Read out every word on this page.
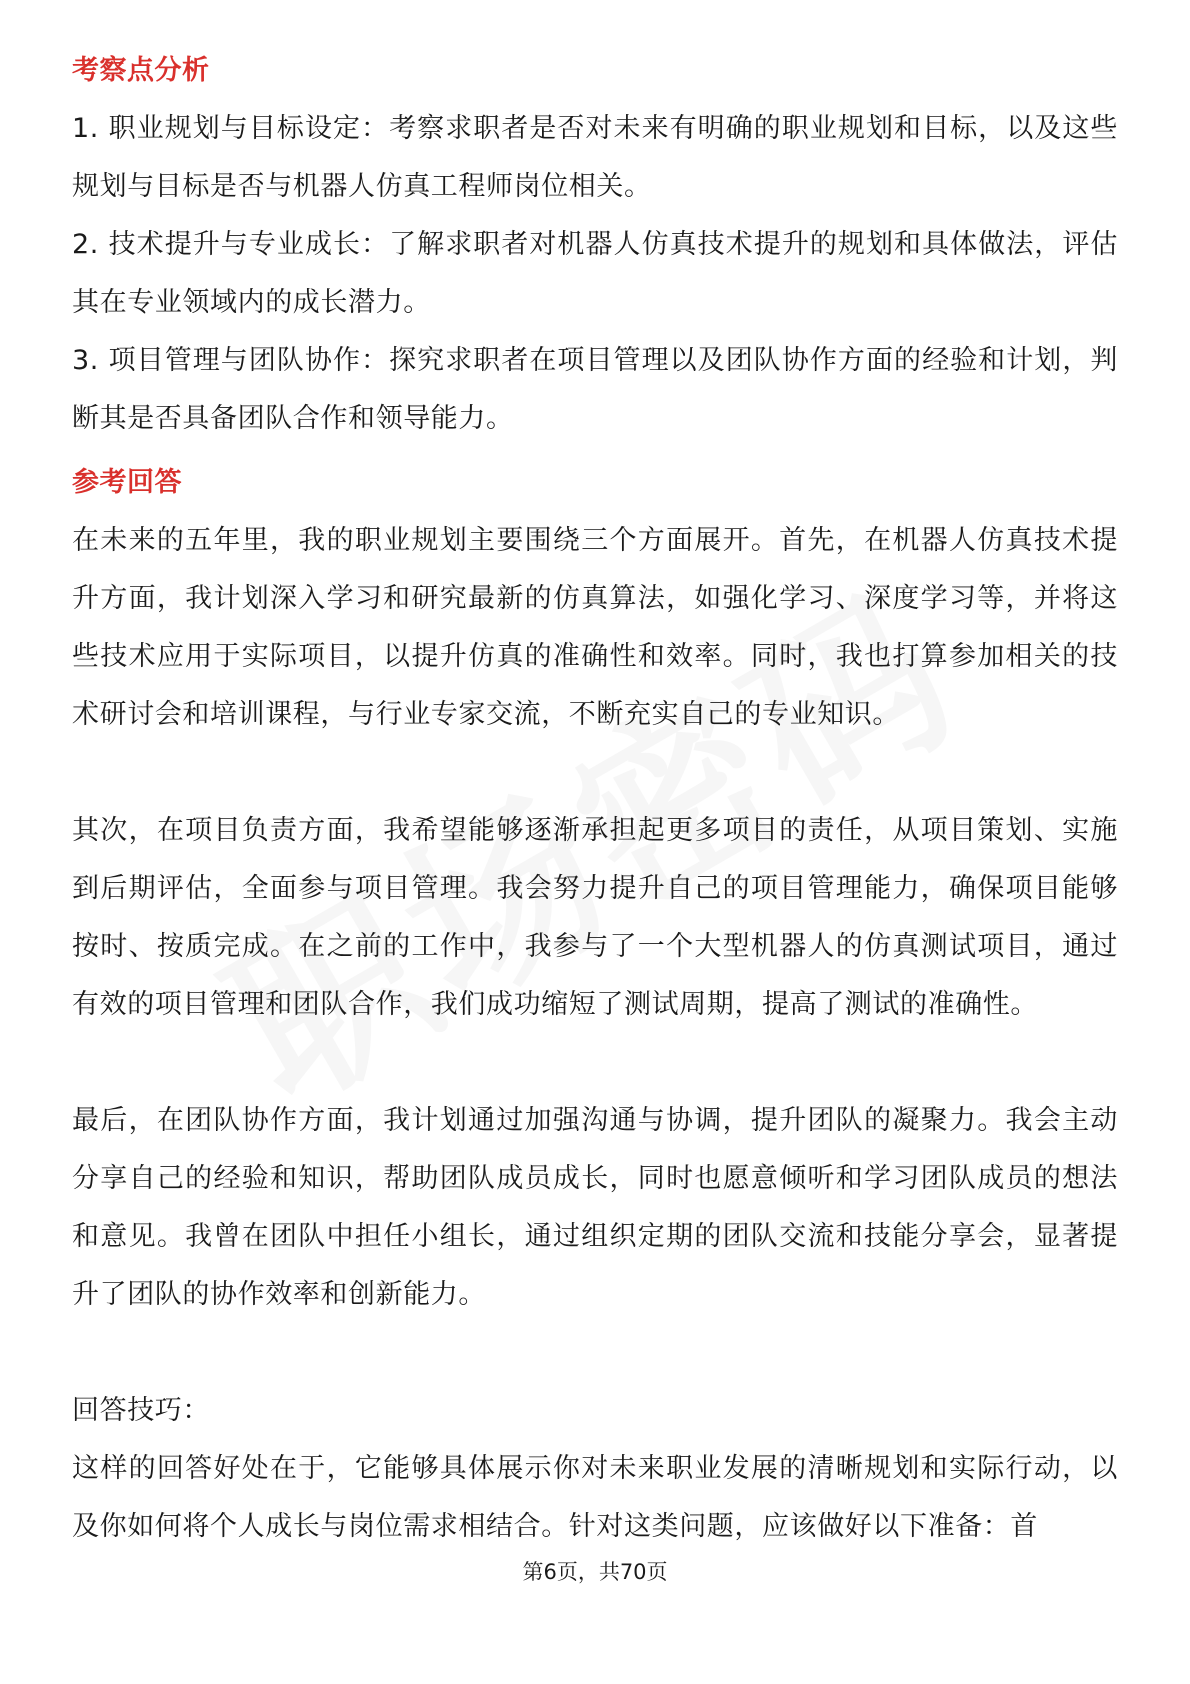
考察点分析

1. 职业规划与目标设定：考察求职者是否对未来有明确的职业规划和目标，以及这些规划与目标是否与机器人仿真工程师岗位相关。

2. 技术提升与专业成长：了解求职者对机器人仿真技术提升的规划和具体做法，评估其在专业领域内的成长潜力。

3. 项目管理与团队协作：探究求职者在项目管理以及团队协作方面的经验和计划，判断其是否具备团队合作和领导能力。

参考回答

在未来的五年里，我的职业规划主要围绕三个方面展开。首先，在机器人仿真技术提升方面，我计划深入学习和研究最新的仿真算法，如强化学习、深度学习等，并将这些技术应用于实际项目，以提升仿真的准确性和效率。同时，我也打算参加相关的技术研讨会和培训课程，与行业专家交流，不断充实自己的专业知识。

其次，在项目负责方面，我希望能够逐渐承担起更多项目的责任，从项目策划、实施到后期评估，全面参与项目管理。我会努力提升自己的项目管理能力，确保项目能够按时、按质完成。在之前的工作中，我参与了一个大型机器人的仿真测试项目，通过有效的项目管理和团队合作，我们成功缩短了测试周期，提高了测试的准确性。

最后，在团队协作方面，我计划通过加强沟通与协调，提升团队的凝聚力。我会主动分享自己的经验和知识，帮助团队成员成长，同时也愿意倾听和学习团队成员的想法和意见。我曾在团队中担任小组长，通过组织定期的团队交流和技能分享会，显著提升了团队的协作效率和创新能力。

回答技巧：

这样的回答好处在于，它能够具体展示你对未来职业发展的清晰规划和实际行动，以及你如何将个人成长与岗位需求相结合。针对这类问题，应该做好以下准备：首

第6页，共70页
